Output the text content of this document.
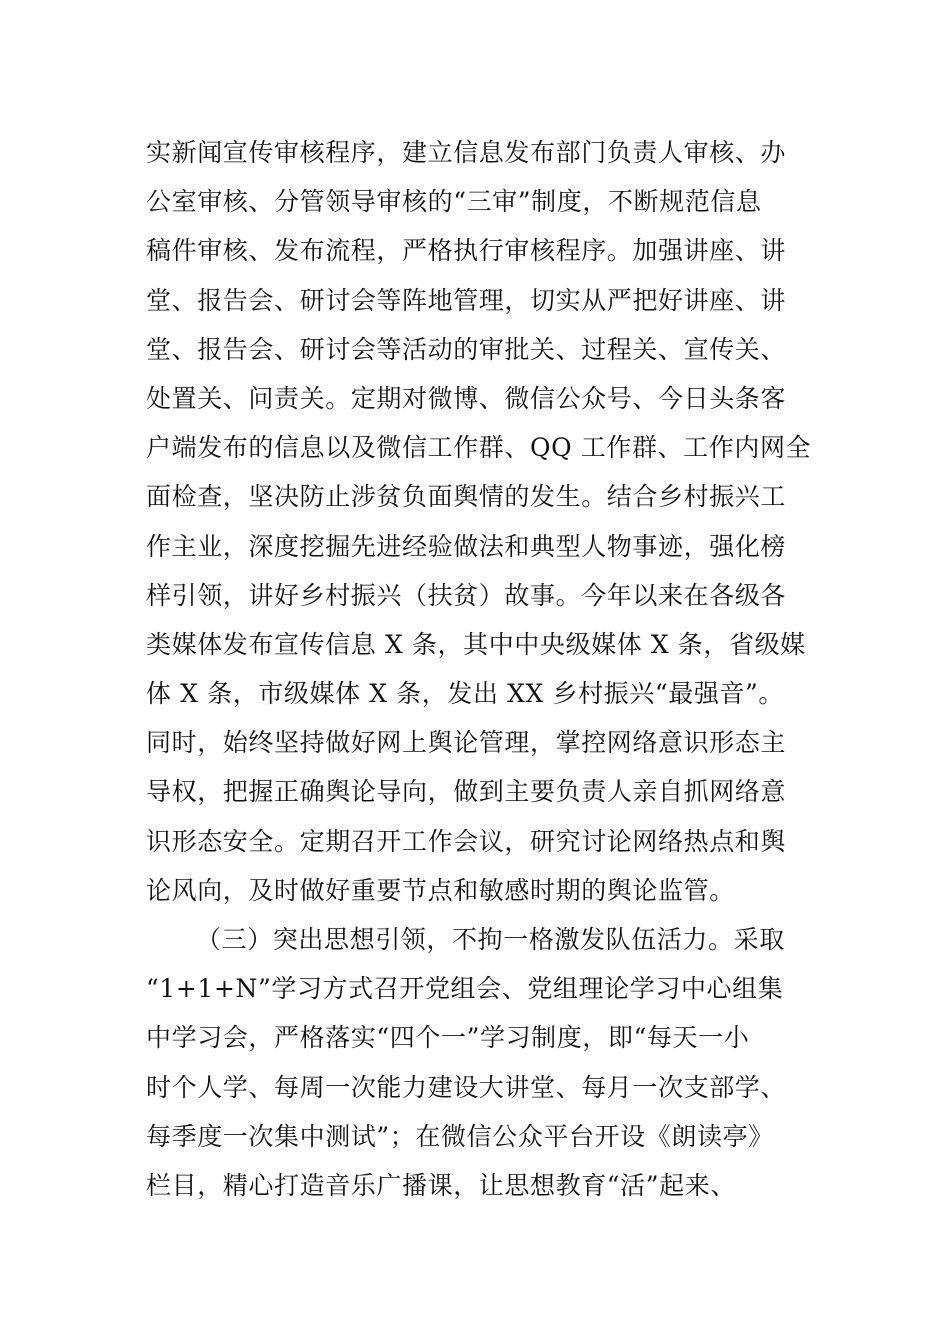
实新闻宣传审核程序，建立信息发布部门负责人审核、办
公室审核、分管领导审核的“三审”制度，不断规范信息
稿件审核、发布流程，严格执行审核程序。加强讲座、讲
堂、报告会、研讨会等阵地管理，切实从严把好讲座、讲
堂、报告会、研讨会等活动的审批关、过程关、宣传关、
处置关、问责关。定期对微博、微信公众号、今日头条客
户端发布的信息以及微信工作群、QQ 工作群、工作内网全
面检查，坚决防止涉贫负面舆情的发生。结合乡村振兴工
作主业，深度挖掘先进经验做法和典型人物事迹，强化榜
样引领，讲好乡村振兴（扶贫）故事。今年以来在各级各
类媒体发布宣传信息 X 条，其中中央级媒体 X 条，省级媒
体 X 条，市级媒体 X 条，发出 XX 乡村振兴“最强音”。
同时，始终坚持做好网上舆论管理，掌控网络意识形态主
导权，把握正确舆论导向，做到主要负责人亲自抓网络意
识形态安全。定期召开工作会议，研究讨论网络热点和舆
论风向，及时做好重要节点和敏感时期的舆论监管。
（三）突出思想引领，不拘一格激发队伍活力。采取
“1+1+N”学习方式召开党组会、党组理论学习中心组集
中学习会，严格落实“四个一”学习制度，即“每天一小
时个人学、每周一次能力建设大讲堂、每月一次支部学、
每季度一次集中测试”；在微信公众平台开设《朗读亭》
栏目，精心打造音乐广播课，让思想教育“活”起来、
